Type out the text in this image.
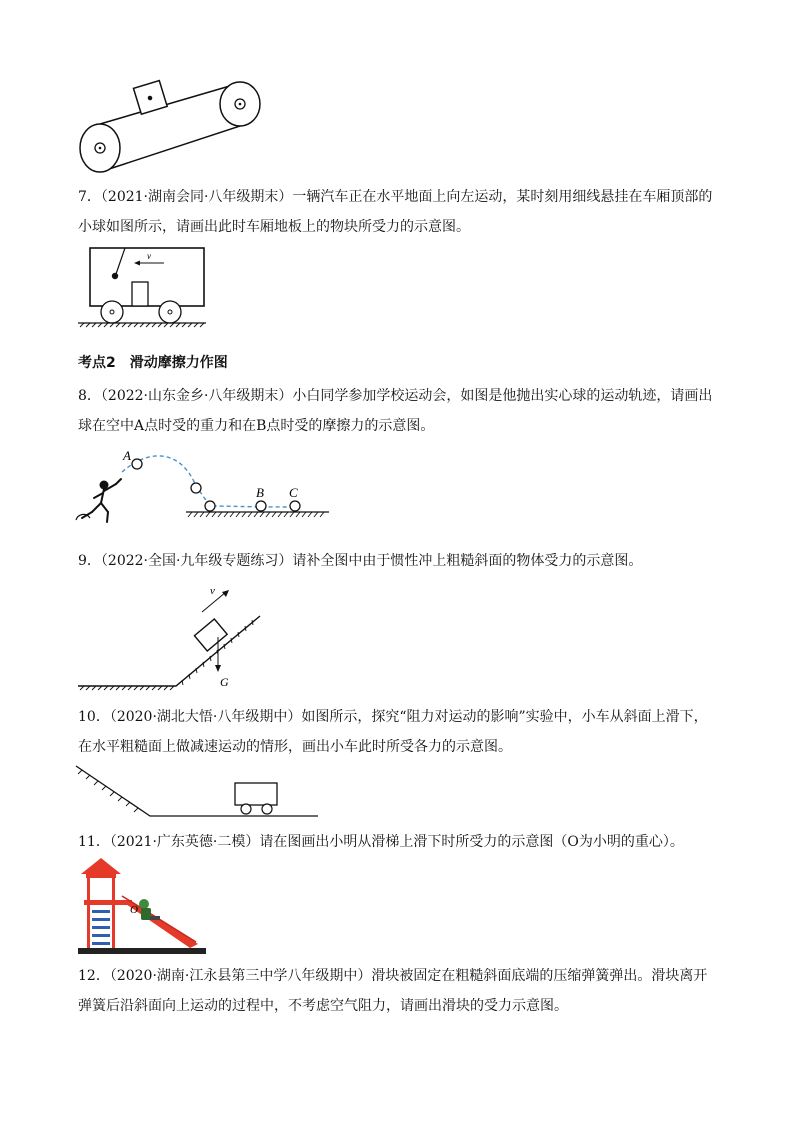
7．（2021·湖南会同·八年级期末）一辆汽车正在水平地面上向左运动，某时刻用细线悬挂在车厢顶部的小球如图所示，请画出此时车厢地板上的物块所受力的示意图。
v
考点2　滑动摩擦力作图
8．（2022·山东金乡·八年级期末）小白同学参加学校运动会，如图是他抛出实心球的运动轨迹，请画出球在空中A点时受的重力和在B点时受的摩擦力的示意图。
A
B C
9．（2022·全国·九年级专题练习）请补全图中由于惯性冲上粗糙斜面的物体受力的示意图。
v
G
10．（2020·湖北大悟·八年级期中）如图所示，探究“阻力对运动的影响”实验中，小车从斜面上滑下，在水平粗糙面上做减速运动的情形，画出小车此时所受各力的示意图。
11．（2021·广东英德·二模）请在图画出小明从滑梯上滑下时所受力的示意图（O为小明的重心）。
O
12．（2020·湖南·江永县第三中学八年级期中）滑块被固定在粗糙斜面底端的压缩弹簧弹出。滑块离开弹簧后沿斜面向上运动的过程中，不考虑空气阻力，请画出滑块的受力示意图。
